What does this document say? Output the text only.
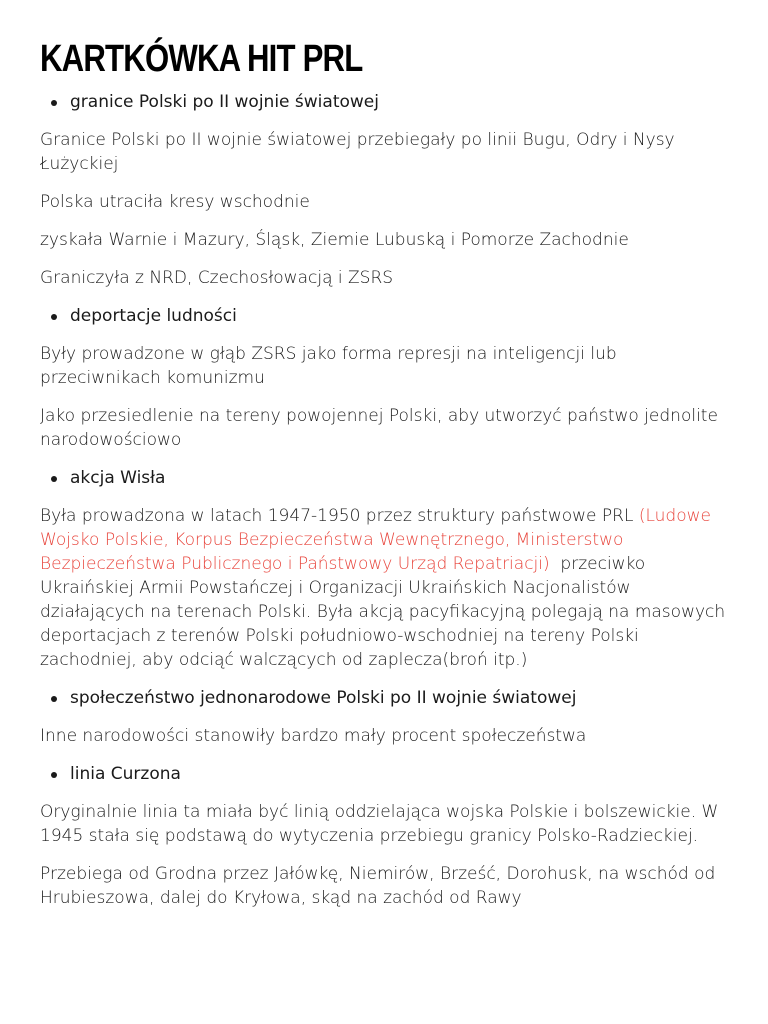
KARTKÓWKA HIT PRL
granice Polski po II wojnie światowej

Granice Polski po II wojnie światowej przebiegały po linii Bugu, Odry i Nysy Łużyckiej

Polska utraciła kresy wschodnie

zyskała Warnie i Mazury, Śląsk, Ziemie Lubuską i Pomorze Zachodnie

Graniczyła z NRD, Czechosłowacją i ZSRS

deportacje ludności

Były prowadzone w głąb ZSRS jako forma represji na inteligencji lub przeciwnikach komunizmu

Jako przesiedlenie na tereny powojennej Polski, aby utworzyć państwo jednolite narodowościowo

akcja Wisła

Była prowadzona w latach 1947-1950 przez struktury państwowe PRL (Ludowe Wojsko Polskie, Korpus Bezpieczeństwa Wewnętrznego, Ministerstwo Bezpieczeństwa Publicznego i Państwowy Urząd Repatriacji)  przeciwko Ukraińskiej Armii Powstańczej i Organizacji Ukraińskich Nacjonalistów działających na terenach Polski. Była akcją pacyfikacyjną polegają na masowych deportacjach z terenów Polski południowo-wschodniej na tereny Polski zachodniej, aby odciąć walczących od zaplecza(broń itp.)

społeczeństwo jednonarodowe Polski po II wojnie światowej

Inne narodowości stanowiły bardzo mały procent społeczeństwa

linia Curzona

Oryginalnie linia ta miała być linią oddzielająca wojska Polskie i bolszewickie. W 1945 stała się podstawą do wytyczenia przebiegu granicy Polsko-Radzieckiej.

Przebiega od Grodna przez Jałówkę, Niemirów, Brześć, Dorohusk, na wschód od Hrubieszowa, dalej do Kryłowa, skąd na zachód od Rawy
